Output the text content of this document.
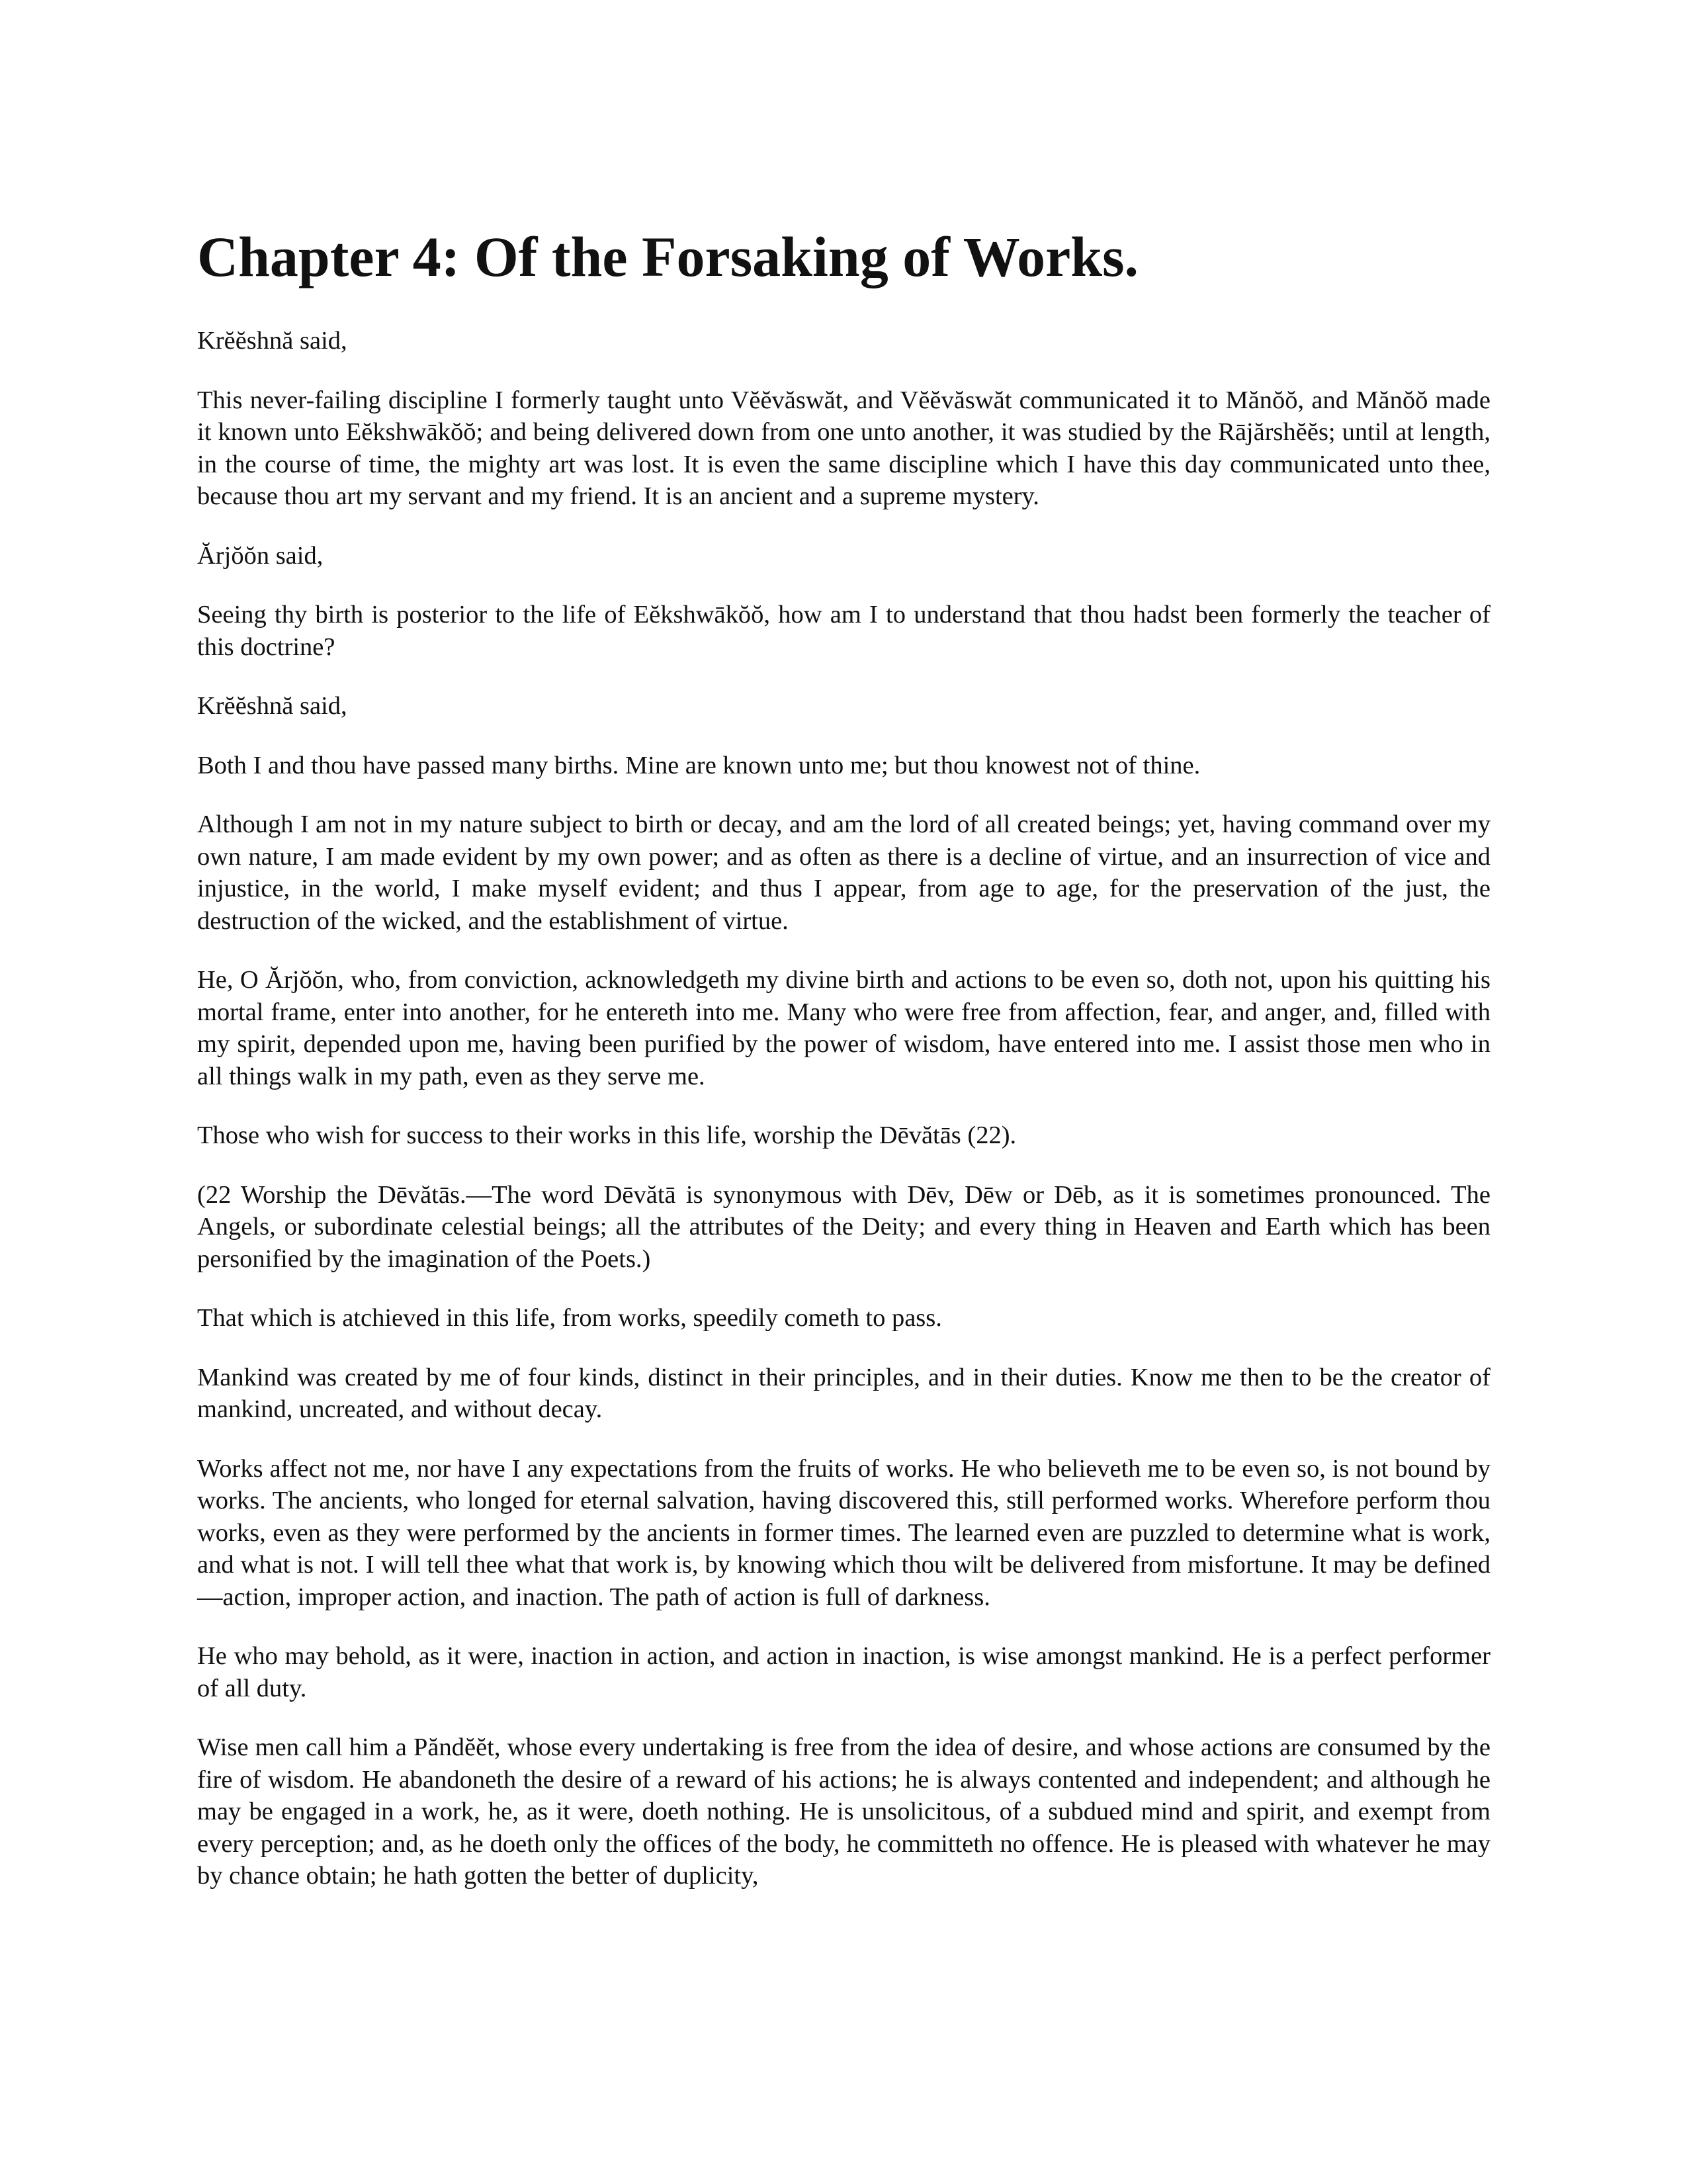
Chapter 4: Of the Forsaking of Works.

Krĕĕshnă said,

This never-failing discipline I formerly taught unto Vĕĕvăswăt, and Vĕĕvăswăt communicated it to Mănŏŏ, and Mănŏŏ made it known unto Eĕkshwākŏŏ; and being delivered down from one unto another, it was studied by the Rājărshĕĕs; until at length, in the course of time, the mighty art was lost. It is even the same discipline which I have this day communicated unto thee, because thou art my servant and my friend. It is an ancient and a supreme mystery.

Ărjŏŏn said,

Seeing thy birth is posterior to the life of Eĕkshwākŏŏ, how am I to understand that thou hadst been formerly the teacher of this doctrine?

Krĕĕshnă said,

Both I and thou have passed many births. Mine are known unto me; but thou knowest not of thine.

Although I am not in my nature subject to birth or decay, and am the lord of all created beings; yet, having command over my own nature, I am made evident by my own power; and as often as there is a decline of virtue, and an insurrection of vice and injustice, in the world, I make myself evident; and thus I appear, from age to age, for the preservation of the just, the destruction of the wicked, and the establishment of virtue.

He, O Ărjŏŏn, who, from conviction, acknowledgeth my divine birth and actions to be even so, doth not, upon his quitting his mortal frame, enter into another, for he entereth into me. Many who were free from affection, fear, and anger, and, filled with my spirit, depended upon me, having been purified by the power of wisdom, have entered into me. I assist those men who in all things walk in my path, even as they serve me.

Those who wish for success to their works in this life, worship the Dēvătās (22).

(22 Worship the Dēvătās.—The word Dēvătā is synonymous with Dēv, Dēw or Dēb, as it is sometimes pronounced. The Angels, or subordinate celestial beings; all the attributes of the Deity; and every thing in Heaven and Earth which has been personified by the imagination of the Poets.)

That which is atchieved in this life, from works, speedily cometh to pass.

Mankind was created by me of four kinds, distinct in their principles, and in their duties. Know me then to be the creator of mankind, uncreated, and without decay.

Works affect not me, nor have I any expectations from the fruits of works. He who believeth me to be even so, is not bound by works. The ancients, who longed for eternal salvation, having discovered this, still performed works. Wherefore perform thou works, even as they were performed by the ancients in former times. The learned even are puzzled to determine what is work, and what is not. I will tell thee what that work is, by knowing which thou wilt be delivered from misfortune. It may be defined—action, improper action, and inaction. The path of action is full of darkness.

He who may behold, as it were, inaction in action, and action in inaction, is wise amongst mankind. He is a perfect performer of all duty.

Wise men call him a Păndĕĕt, whose every undertaking is free from the idea of desire, and whose actions are consumed by the fire of wisdom. He abandoneth the desire of a reward of his actions; he is always contented and independent; and although he may be engaged in a work, he, as it were, doeth nothing. He is unsolicitous, of a subdued mind and spirit, and exempt from every perception; and, as he doeth only the offices of the body, he committeth no offence. He is pleased with whatever he may by chance obtain; he hath gotten the better of duplicity,
